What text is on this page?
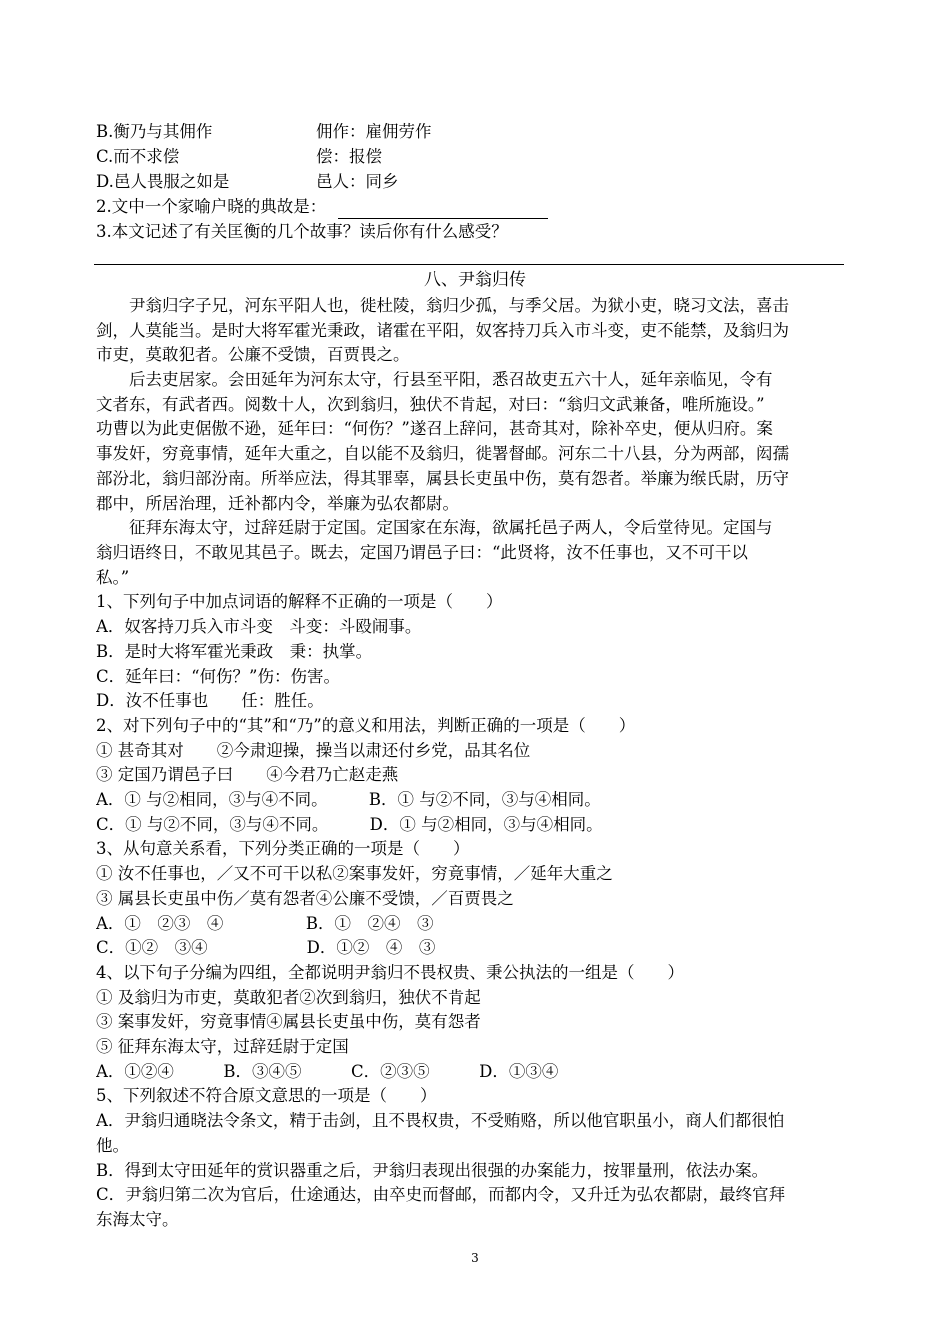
B.衡乃与其佣作	佣作：雇佣劳作
C.而不求偿	偿：报偿
D.邑人畏服之如是	邑人：同乡
2.文中一个家喻户晓的典故是：
3.本文记述了有关匡衡的几个故事？读后你有什么感受？
八、尹翁归传
　　尹翁归字子兄，河东平阳人也，徙杜陵，翁归少孤，与季父居。为狱小吏，晓习文法，喜击
剑，人莫能当。是时大将军霍光秉政，诸霍在平阳，奴客持刀兵入市斗变，吏不能禁，及翁归为
市吏，莫敢犯者。公廉不受馈，百贾畏之。
　　后去吏居家。会田延年为河东太守，行县至平阳，悉召故吏五六十人，延年亲临见，令有
文者东，有武者西。阅数十人，次到翁归，独伏不肯起，对曰：“翁归文武兼备，唯所施设。”
功曹以为此吏倨傲不逊，延年曰：“何伤？”遂召上辞问，甚奇其对，除补卒史，便从归府。案
事发奸，穷竟事情，延年大重之，自以能不及翁归，徙署督邮。河东二十八县，分为两部，闳孺
部汾北，翁归部汾南。所举应法，得其罪辜，属县长吏虽中伤，莫有怨者。举廉为缑氏尉，历守
郡中，所居治理，迁补都内令，举廉为弘农都尉。
　　征拜东海太守，过辞廷尉于定国。定国家在东海，欲属托邑子两人，令后堂待见。定国与
翁归语终日，不敢见其邑子。既去，定国乃谓邑子曰：“此贤将，汝不任事也，又不可干以
私。”
1、下列句子中加点词语的解释不正确的一项是（　　）
A．奴客持刀兵入市斗变　斗变：斗殴闹事。
B．是时大将军霍光秉政　秉：执掌。
C．延年曰：“何伤？”伤：伤害。
D．汝不任事也　　任：胜任。
2、对下列句子中的“其”和“乃”的意义和用法，判断正确的一项是（　　）
① 甚奇其对　　②今肃迎操，操当以肃还付乡党，品其名位
③ 定国乃谓邑子曰　　④今君乃亡赵走燕
A．① 与②相同，③与④不同。　　　B．① 与②不同，③与④相同。
C．① 与②不同，③与④不同。　　　D．① 与②相同，③与④相同。
3、从句意关系看，下列分类正确的一项是（　　）
① 汝不任事也，／又不可干以私②案事发奸，穷竟事情，／延年大重之
③ 属县长吏虽中伤／莫有怨者④公廉不受馈，／百贾畏之
A．①　②③　④　　　　　B．①　②④　③
C．①②　③④　　　　　　D．①②　④　③
4、以下句子分编为四组，全都说明尹翁归不畏权贵、秉公执法的一组是（　　）
① 及翁归为市吏，莫敢犯者②次到翁归，独伏不肯起
③ 案事发奸，穷竟事情④属县长吏虽中伤，莫有怨者
⑤ 征拜东海太守，过辞廷尉于定国
A．①②④　　　B．③④⑤　　　C．②③⑤　　　D．①③④
5、下列叙述不符合原文意思的一项是（　　）
A．尹翁归通晓法令条文，精于击剑，且不畏权贵，不受贿赂，所以他官职虽小，商人们都很怕
他。
B．得到太守田延年的赏识器重之后，尹翁归表现出很强的办案能力，按罪量刑，依法办案。
C．尹翁归第二次为官后，仕途通达，由卒史而督邮，而都内令，又升迁为弘农都尉，最终官拜
东海太守。
3
